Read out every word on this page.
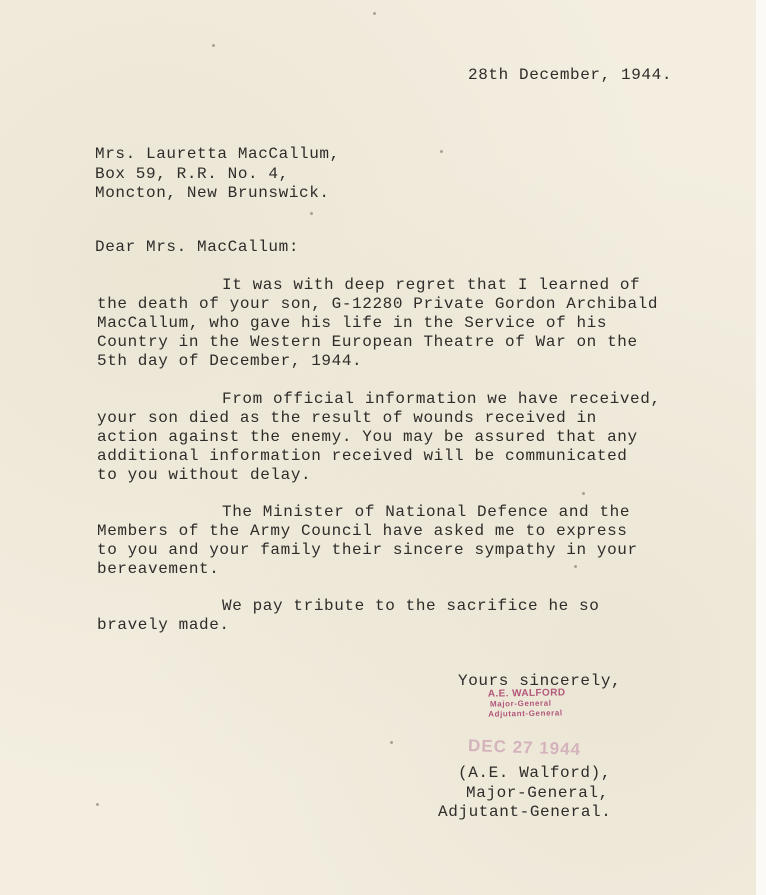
28th December, 1944.
Mrs. Lauretta MacCallum,
Box 59, R.R. No. 4,
Moncton, New Brunswick.
Dear Mrs. MacCallum:
It was with deep regret that I learned of
the death of your son, G-12280 Private Gordon Archibald
MacCallum, who gave his life in the Service of his
Country in the Western European Theatre of War on the
5th day of December, 1944.
From official information we have received,
your son died as the result of wounds received in
action against the enemy. You may be assured that any
additional information received will be communicated
to you without delay.
The Minister of National Defence and the
Members of the Army Council have asked me to express
to you and your family their sincere sympathy in your
bereavement.
We pay tribute to the sacrifice he so
bravely made.
Yours sincerely,
A.E. WALFORD
Major-General
Adjutant-General
DEC 27 1944
(A.E. Walford),
Major-General,
Adjutant-General.
